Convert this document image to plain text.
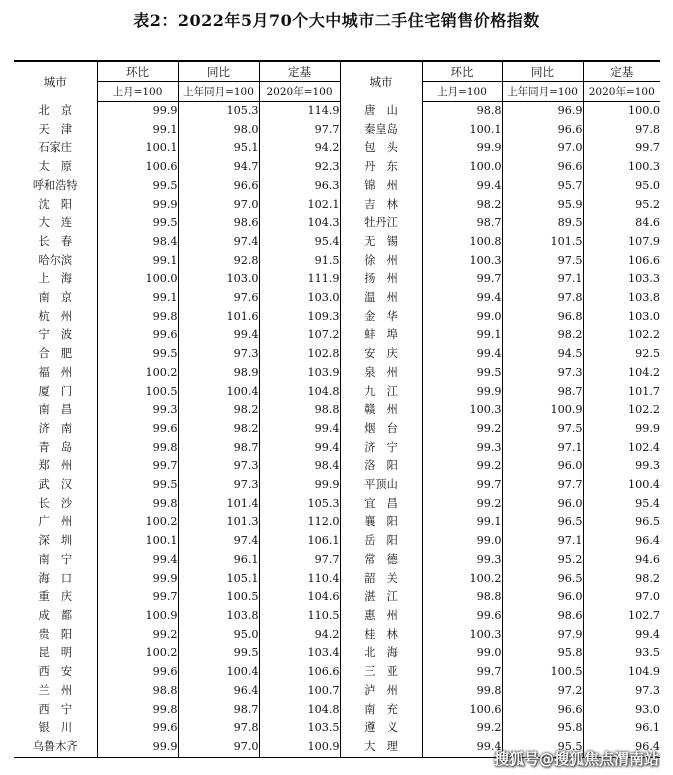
表2：2022年5月70个大中城市二手住宅销售价格指数
城市	环比	同比	定基	城市	环比	同比	定基
	上月=100	上年同月=100	2020年=100		上月=100	上年同月=100	2020年=100
北　京	99.9	105.3	114.9	唐　山	98.8	96.9	100.0
天　津	99.1	98.0	97.7	秦皇岛	100.1	96.6	97.8
石家庄	100.1	95.1	94.2	包　头	99.9	97.0	99.7
太　原	100.6	94.7	92.3	丹　东	100.0	96.6	100.3
呼和浩特	99.5	96.6	96.3	锦　州	99.4	95.7	95.0
沈　阳	99.9	97.0	102.1	吉　林	98.2	95.9	95.2
大　连	99.5	98.6	104.3	牡丹江	98.7	89.5	84.6
长　春	98.4	97.4	95.4	无　锡	100.8	101.5	107.9
哈尔滨	99.1	92.8	91.5	徐　州	100.3	97.5	106.6
上　海	100.0	103.0	111.9	扬　州	99.7	97.1	103.3
南　京	99.1	97.6	103.0	温　州	99.4	97.8	103.8
杭　州	99.8	101.6	109.3	金　华	99.0	96.8	103.0
宁　波	99.6	99.4	107.2	蚌　埠	99.1	98.2	102.2
合　肥	99.5	97.3	102.8	安　庆	99.4	94.5	92.5
福　州	100.2	98.9	103.9	泉　州	99.5	97.3	104.2
厦　门	100.5	100.4	104.8	九　江	99.9	98.7	101.7
南　昌	99.3	98.2	98.8	赣　州	100.3	100.9	102.2
济　南	99.6	98.2	99.4	烟　台	99.2	97.5	99.9
青　岛	99.8	98.7	99.4	济　宁	99.3	97.1	102.4
郑　州	99.7	97.3	98.4	洛　阳	99.2	96.0	99.3
武　汉	99.5	97.3	99.9	平顶山	99.7	97.7	100.4
长　沙	99.8	101.4	105.3	宜　昌	99.2	96.0	95.4
广　州	100.2	101.3	112.0	襄　阳	99.1	96.5	96.5
深　圳	100.1	97.4	106.1	岳　阳	99.0	97.1	96.4
南　宁	99.4	96.1	97.7	常　德	99.3	95.2	94.6
海　口	99.9	105.1	110.4	韶　关	100.2	96.5	98.2
重　庆	99.7	100.5	104.6	湛　江	98.8	96.0	97.0
成　都	100.9	103.8	110.5	惠　州	99.6	98.6	102.7
贵　阳	99.2	95.0	94.2	桂　林	100.3	97.9	99.4
昆　明	100.2	99.5	103.4	北　海	99.0	95.8	93.5
西　安	99.6	100.4	106.6	三　亚	99.7	100.5	104.9
兰　州	98.8	96.4	100.7	泸　州	99.8	97.2	97.3
西　宁	99.8	98.7	104.8	南　充	100.6	96.6	93.0
银　川	99.6	97.8	103.5	遵　义	99.2	95.8	96.1
乌鲁木齐	99.9	97.0	100.9	大　理	99.4	95.5	96.4
搜狐号@搜狐焦点渭南站
